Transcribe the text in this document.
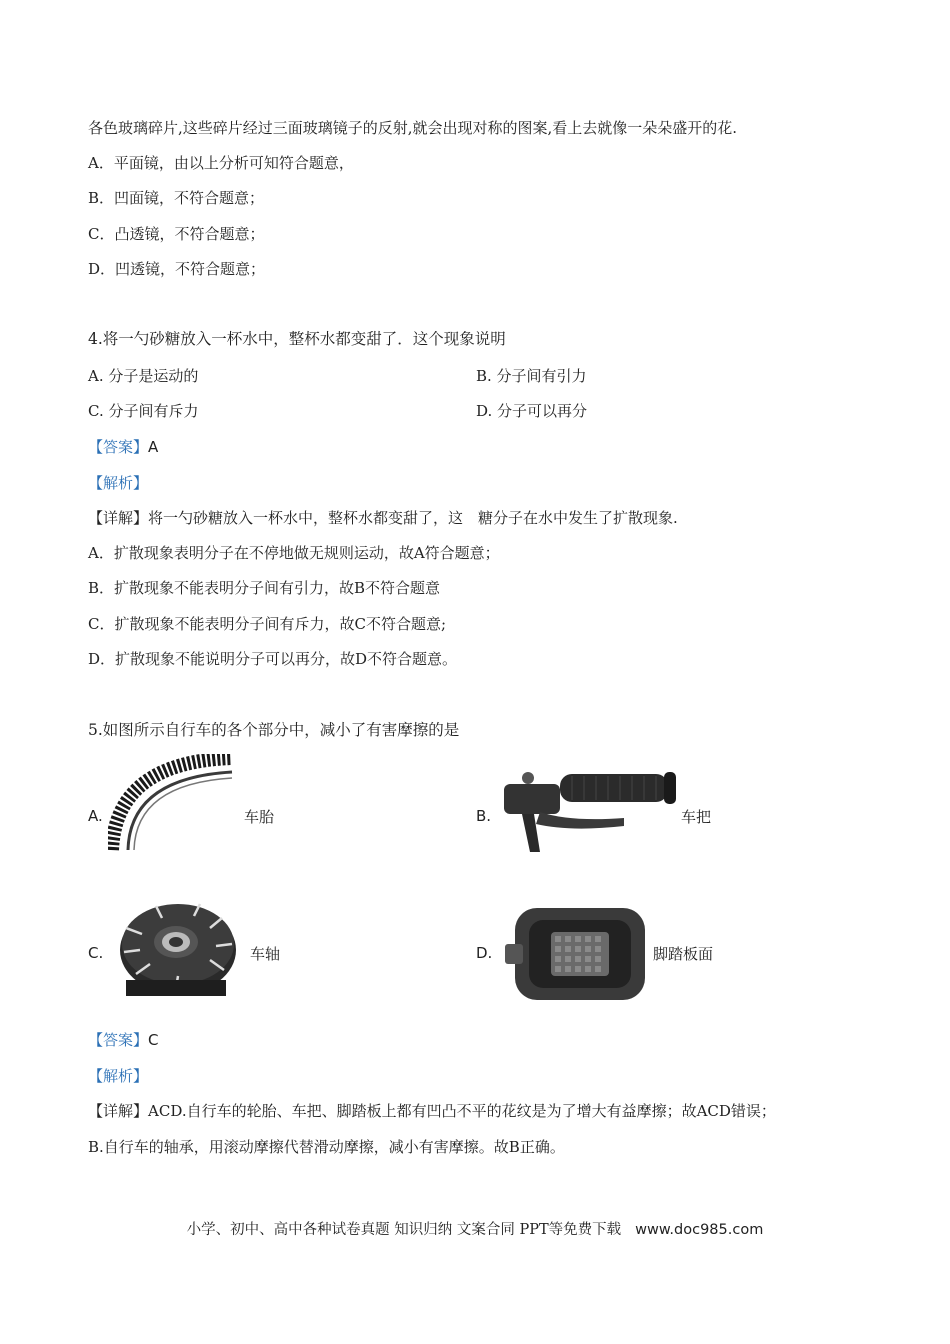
各色玻璃碎片,这些碎片经过三面玻璃镜子的反射,就会出现对称的图案,看上去就像一朵朵盛开的花.
A．平面镜，由以上分析可知符合题意，
B．凹面镜，不符合题意；
C．凸透镜，不符合题意；
D．凹透镜，不符合题意；
4.将一勺砂糖放入一杯水中，整杯水都变甜了．这个现象说明
A. 分子是运动的	B. 分子间有引力
C. 分子间有斥力	D. 分子可以再分
【答案】A
【解析】
【详解】将一勺砂糖放入一杯水中，整杯水都变甜了，这　糖分子在水中发生了扩散现象.
A．扩散现象表明分子在不停地做无规则运动，故A符合题意；
B．扩散现象不能表明分子间有引力，故B不符合题意
C．扩散现象不能表明分子间有斥力，故C不符合题意;
D．扩散现象不能说明分子可以再分，故D不符合题意。
5.如图所示自行车的各个部分中，减小了有害摩擦的是
A.	车胎	B.	车把
C.	车轴	D.	脚踏板面
【答案】C
【解析】
【详解】ACD.自行车的轮胎、车把、脚踏板上都有凹凸不平的花纹是为了增大有益摩擦；故ACD错误；
B.自行车的轴承，用滚动摩擦代替滑动摩擦，减小有害摩擦。故B正确。
小学、初中、高中各种试卷真题 知识归纳 文案合同 PPT等免费下载 www.doc985.com
